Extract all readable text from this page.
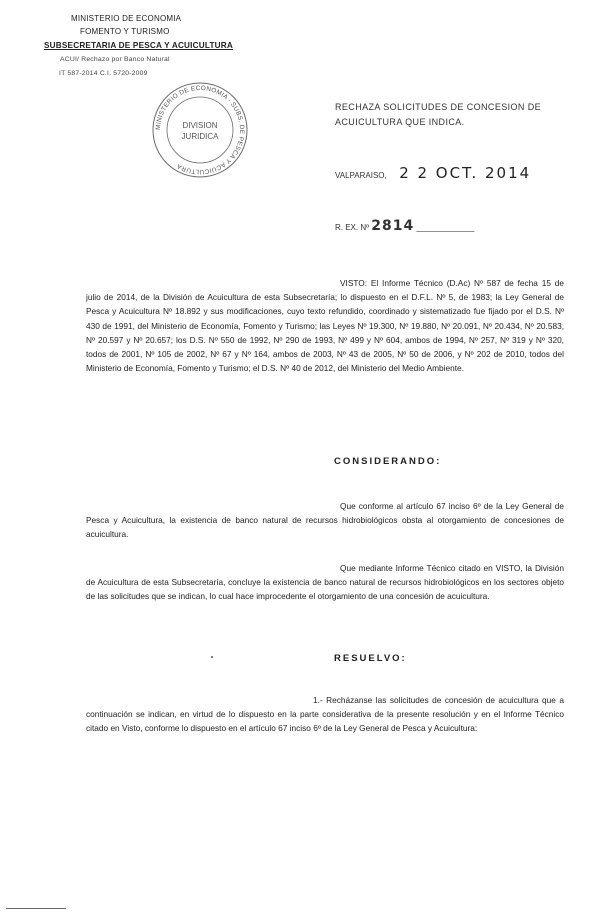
MINISTERIO DE ECONOMIA
FOMENTO Y TURISMO
SUBSECRETARIA DE PESCA Y ACUICULTURA
ACUI/ Rechazo por Banco Natural
IT 587-2014 C.I. 5720-2009
MINISTERIO DE ECONOMIA - SUBS. DE PESCA Y ACUICULTURA
DIVISION
JURIDICA
RECHAZA SOLICITUDES DE CONCESION DE ACUICULTURA QUE INDICA.
VALPARAISO, 2 2 OCT. 2014
R. EX. Nº 2814 _____________
VISTO: El Informe Técnico (D.Ac) Nº 587 de fecha 15 de julio de 2014, de la División de Acuicultura de esta Subsecretaría; lo dispuesto en el D.F.L. Nº 5, de 1983; la Ley General de Pesca y Acuicultura Nº 18.892 y sus modificaciones, cuyo texto refundido, coordinado y sistematizado fue fijado por el D.S. Nº 430 de 1991, del Ministerio de Economía, Fomento y Turismo; las Leyes Nº 19.300, Nº 19.880, Nº 20.091, Nº 20.434, Nº 20.583, Nº 20.597 y Nº 20.657; los D.S. Nº 550 de 1992, Nº 290 de 1993, Nº 499 y Nº 604, ambos de 1994, Nº 257, Nº 319 y Nº 320, todos de 2001, Nº 105 de 2002, Nº 67 y Nº 164, ambos de 2003, Nº 43 de 2005, Nº 50 de 2006, y Nº 202 de 2010, todos del Ministerio de Economía, Fomento y Turismo; el D.S. Nº 40 de 2012, del Ministerio del Medio Ambiente.
CONSIDERANDO:
Que conforme al artículo 67 inciso 6º de la Ley General de Pesca y Acuicultura, la existencia de banco natural de recursos hidrobiológicos obsta al otorgamiento de concesiones de acuicultura.
Que mediante Informe Técnico citado en VISTO, la División de Acuicultura de esta Subsecretaría, concluye la existencia de banco natural de recursos hidrobiológicos en los sectores objeto de las solicitudes que se indican, lo cual hace improcedente el otorgamiento de una concesión de acuicultura.
RESUELVO:
1.- Recházanse las solicitudes de concesión de acuicultura que a continuación se indican, en virtud de lo dispuesto en la parte considerativa de la presente resolución y en el Informe Técnico citado en Visto, conforme lo dispuesto en el artículo 67 inciso 6º de la Ley General de Pesca y Acuicultura:
